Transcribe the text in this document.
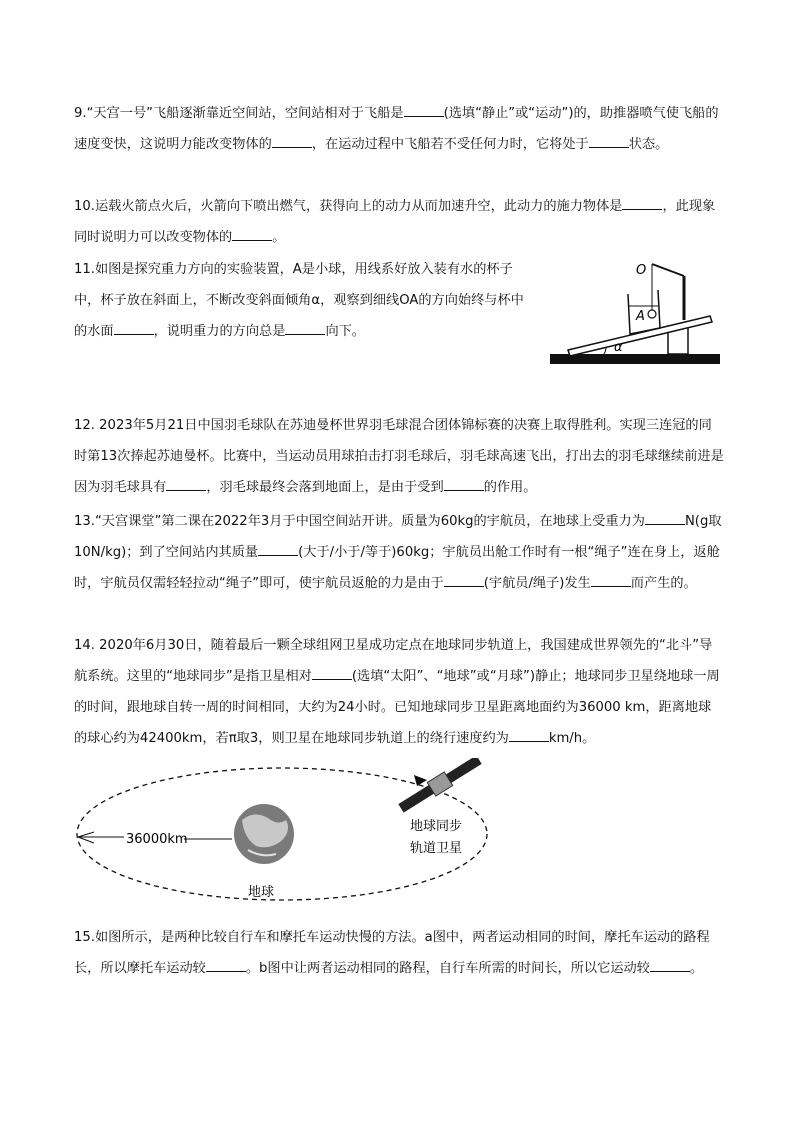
9.“天宫一号”飞船逐渐靠近空间站，空间站相对于飞船是	(选填“静止”或“运动”)的，助推器喷气使飞船的速度变快，这说明力能改变物体的	，在运动过程中飞船若不受任何力时，它将处于	状态。

10.运载火箭点火后，火箭向下喷出燃气，获得向上的动力从而加速升空，此动力的施力物体是	，此现象同时说明力可以改变物体的	。

11.如图是探究重力方向的实验装置，A是小球，用线系好放入装有水的杯子中，杯子放在斜面上，不断改变斜面倾角α，观察到细线OA的方向始终与杯中的水面	，说明重力的方向总是	向下。

O
A
α

12. 2023年5月21日中国羽毛球队在苏迪曼杯世界羽毛球混合团体锦标赛的决赛上取得胜利。实现三连冠的同时第13次捧起苏迪曼杯。比赛中，当运动员用球拍击打羽毛球后，羽毛球高速飞出，打出去的羽毛球继续前进是因为羽毛球具有	，羽毛球最终会落到地面上，是由于受到	的作用。

13.“天宫课堂”第二课在2022年3月于中国空间站开讲。质量为60kg的宇航员，在地球上受重力为	N(g取10N/kg)；到了空间站内其质量	(大于/小于/等于)60kg；宇航员出舱工作时有一根“绳子”连在身上，返舱时，宇航员仅需轻轻拉动“绳子”即可，使宇航员返舱的力是由于	(宇航员/绳子)发生	而产生的。

14. 2020年6月30日，随着最后一颗全球组网卫星成功定点在地球同步轨道上，我国建成世界领先的“北斗”导航系统。这里的“地球同步”是指卫星相对	(选填“太阳”、“地球”或“月球”)静止；地球同步卫星绕地球一周的时间，跟地球自转一周的时间相同，大约为24小时。已知地球同步卫星距离地面约为36000 km，距离地球的球心约为42400km，若π取3，则卫星在地球同步轨道上的绕行速度约为	km/h。

36000km
地球
地球同步
轨道卫星

15.如图所示，是两种比较自行车和摩托车运动快慢的方法。a图中，两者运动相同的时间，摩托车运动的路程长，所以摩托车运动较	。b图中让两者运动相同的路程，自行车所需的时间长，所以它运动较	。
